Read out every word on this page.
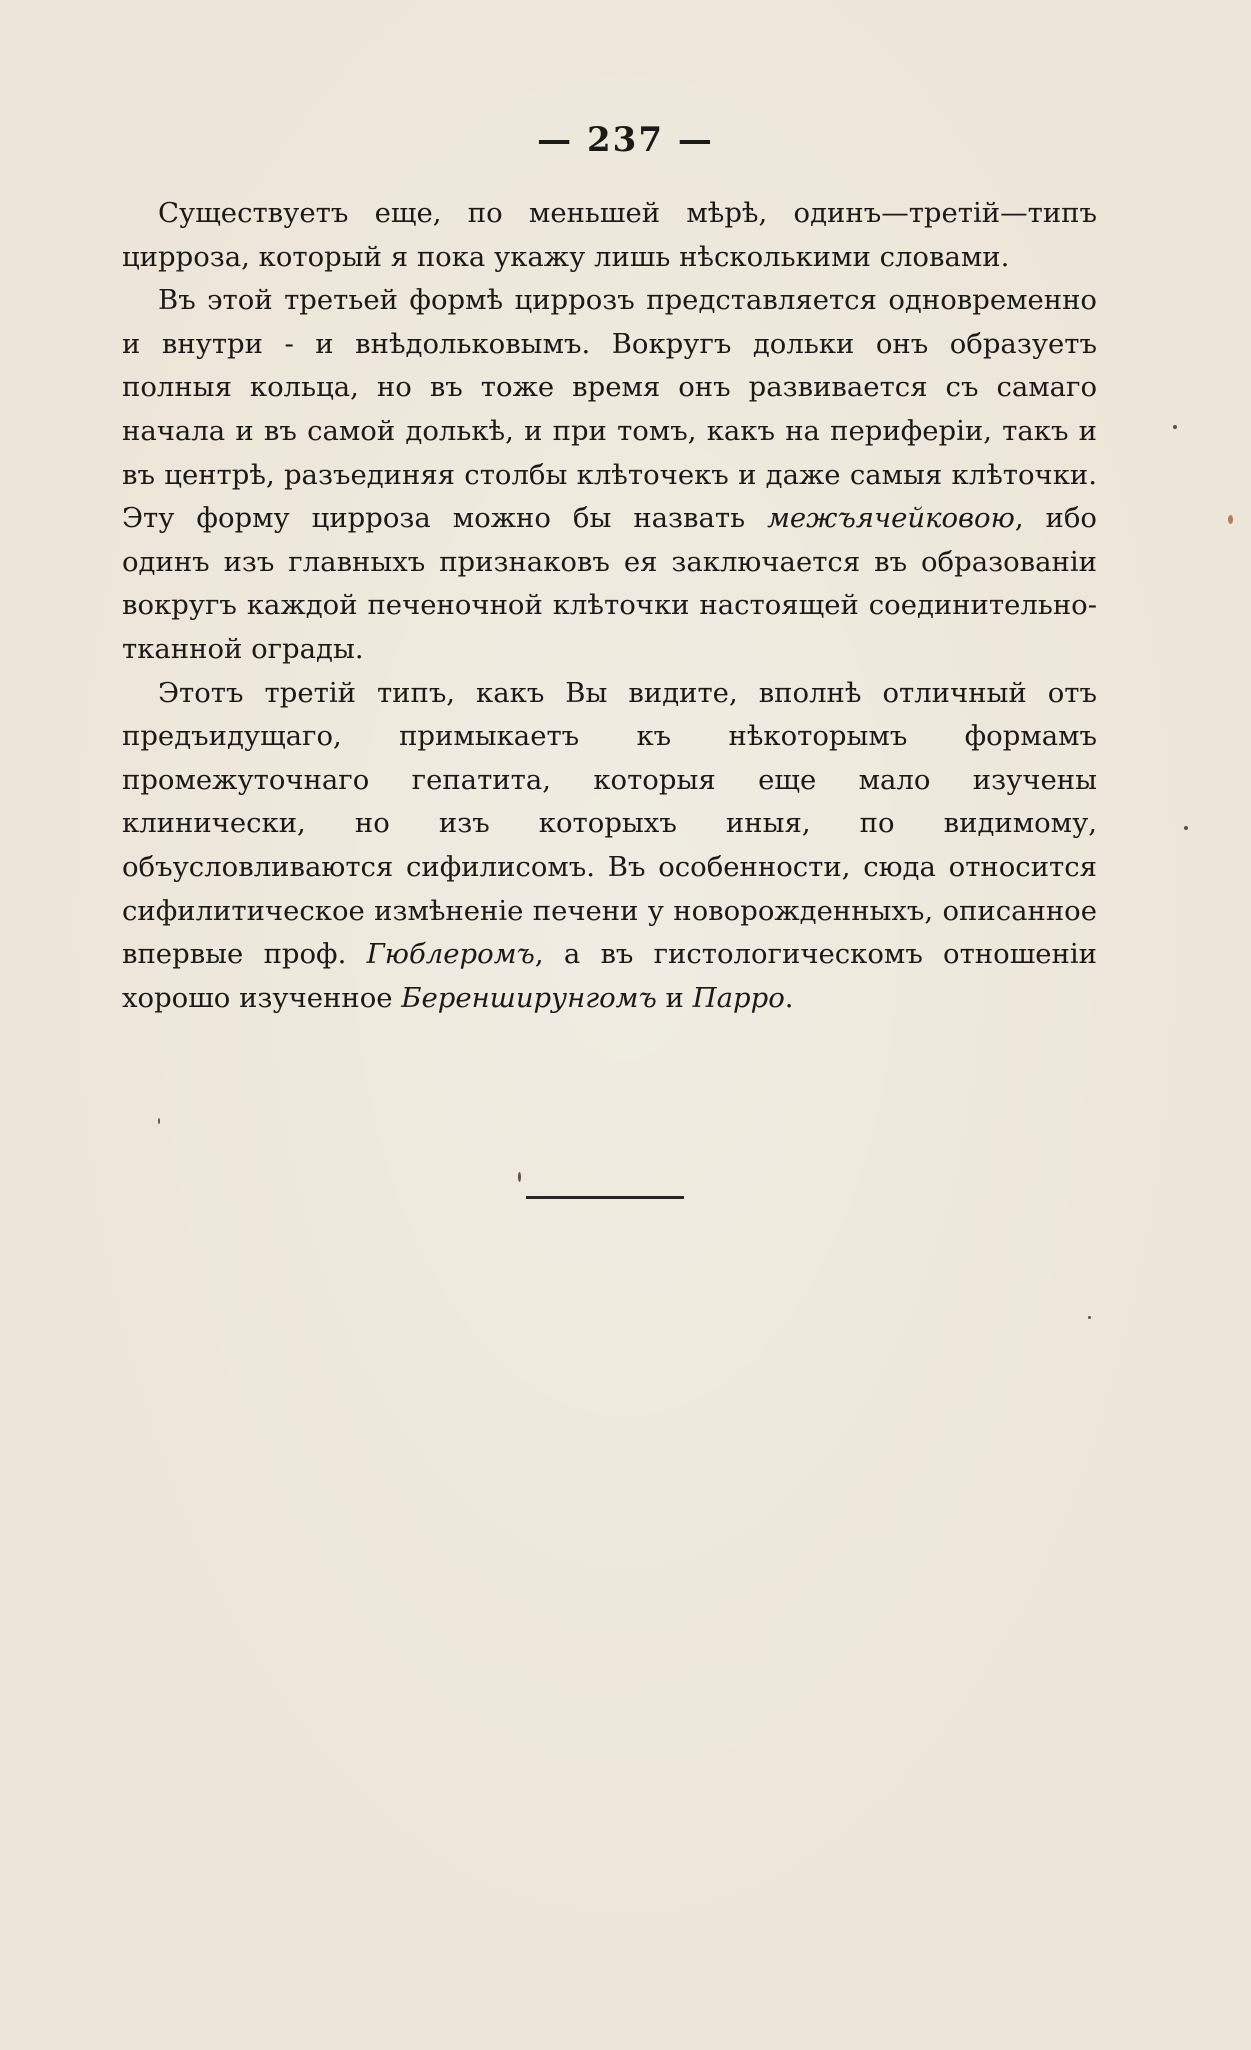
— 237 —

Существуетъ еще, по меньшей мѣрѣ, одинъ—третій—типъ цирроза, который я пока укажу лишь нѣсколькими словами.

Въ этой третьей формѣ циррозъ представляется одновременно и внутри - и внѣдольковымъ. Вокругъ дольки онъ образуетъ полныя кольца, но въ тоже время онъ развивается съ самаго начала и въ самой долькѣ, и при томъ, какъ на периферіи, такъ и въ центрѣ, разъединяя столбы клѣточекъ и даже самыя клѣточки. Эту форму цирроза можно бы назвать межъячейковою, ибо одинъ изъ главныхъ признаковъ ея заключается въ образованіи вокругъ каждой печеночной клѣточки настоящей соединительно-тканной ограды.

Этотъ третій типъ, какъ Вы видите, вполнѣ отличный отъ предъидущаго, примыкаетъ къ нѣкоторымъ формамъ промежуточнаго гепатита, которыя еще мало изучены клинически, но изъ которыхъ иныя, по видимому, объусловливаются сифилисомъ. Въ особенности, сюда относится сифилитическое измѣненіе печени у новорожденныхъ, описанное впервые проф. Гюблеромъ, а въ гистологическомъ отношеніи хорошо изученное Беренширунгомъ и Парро.
